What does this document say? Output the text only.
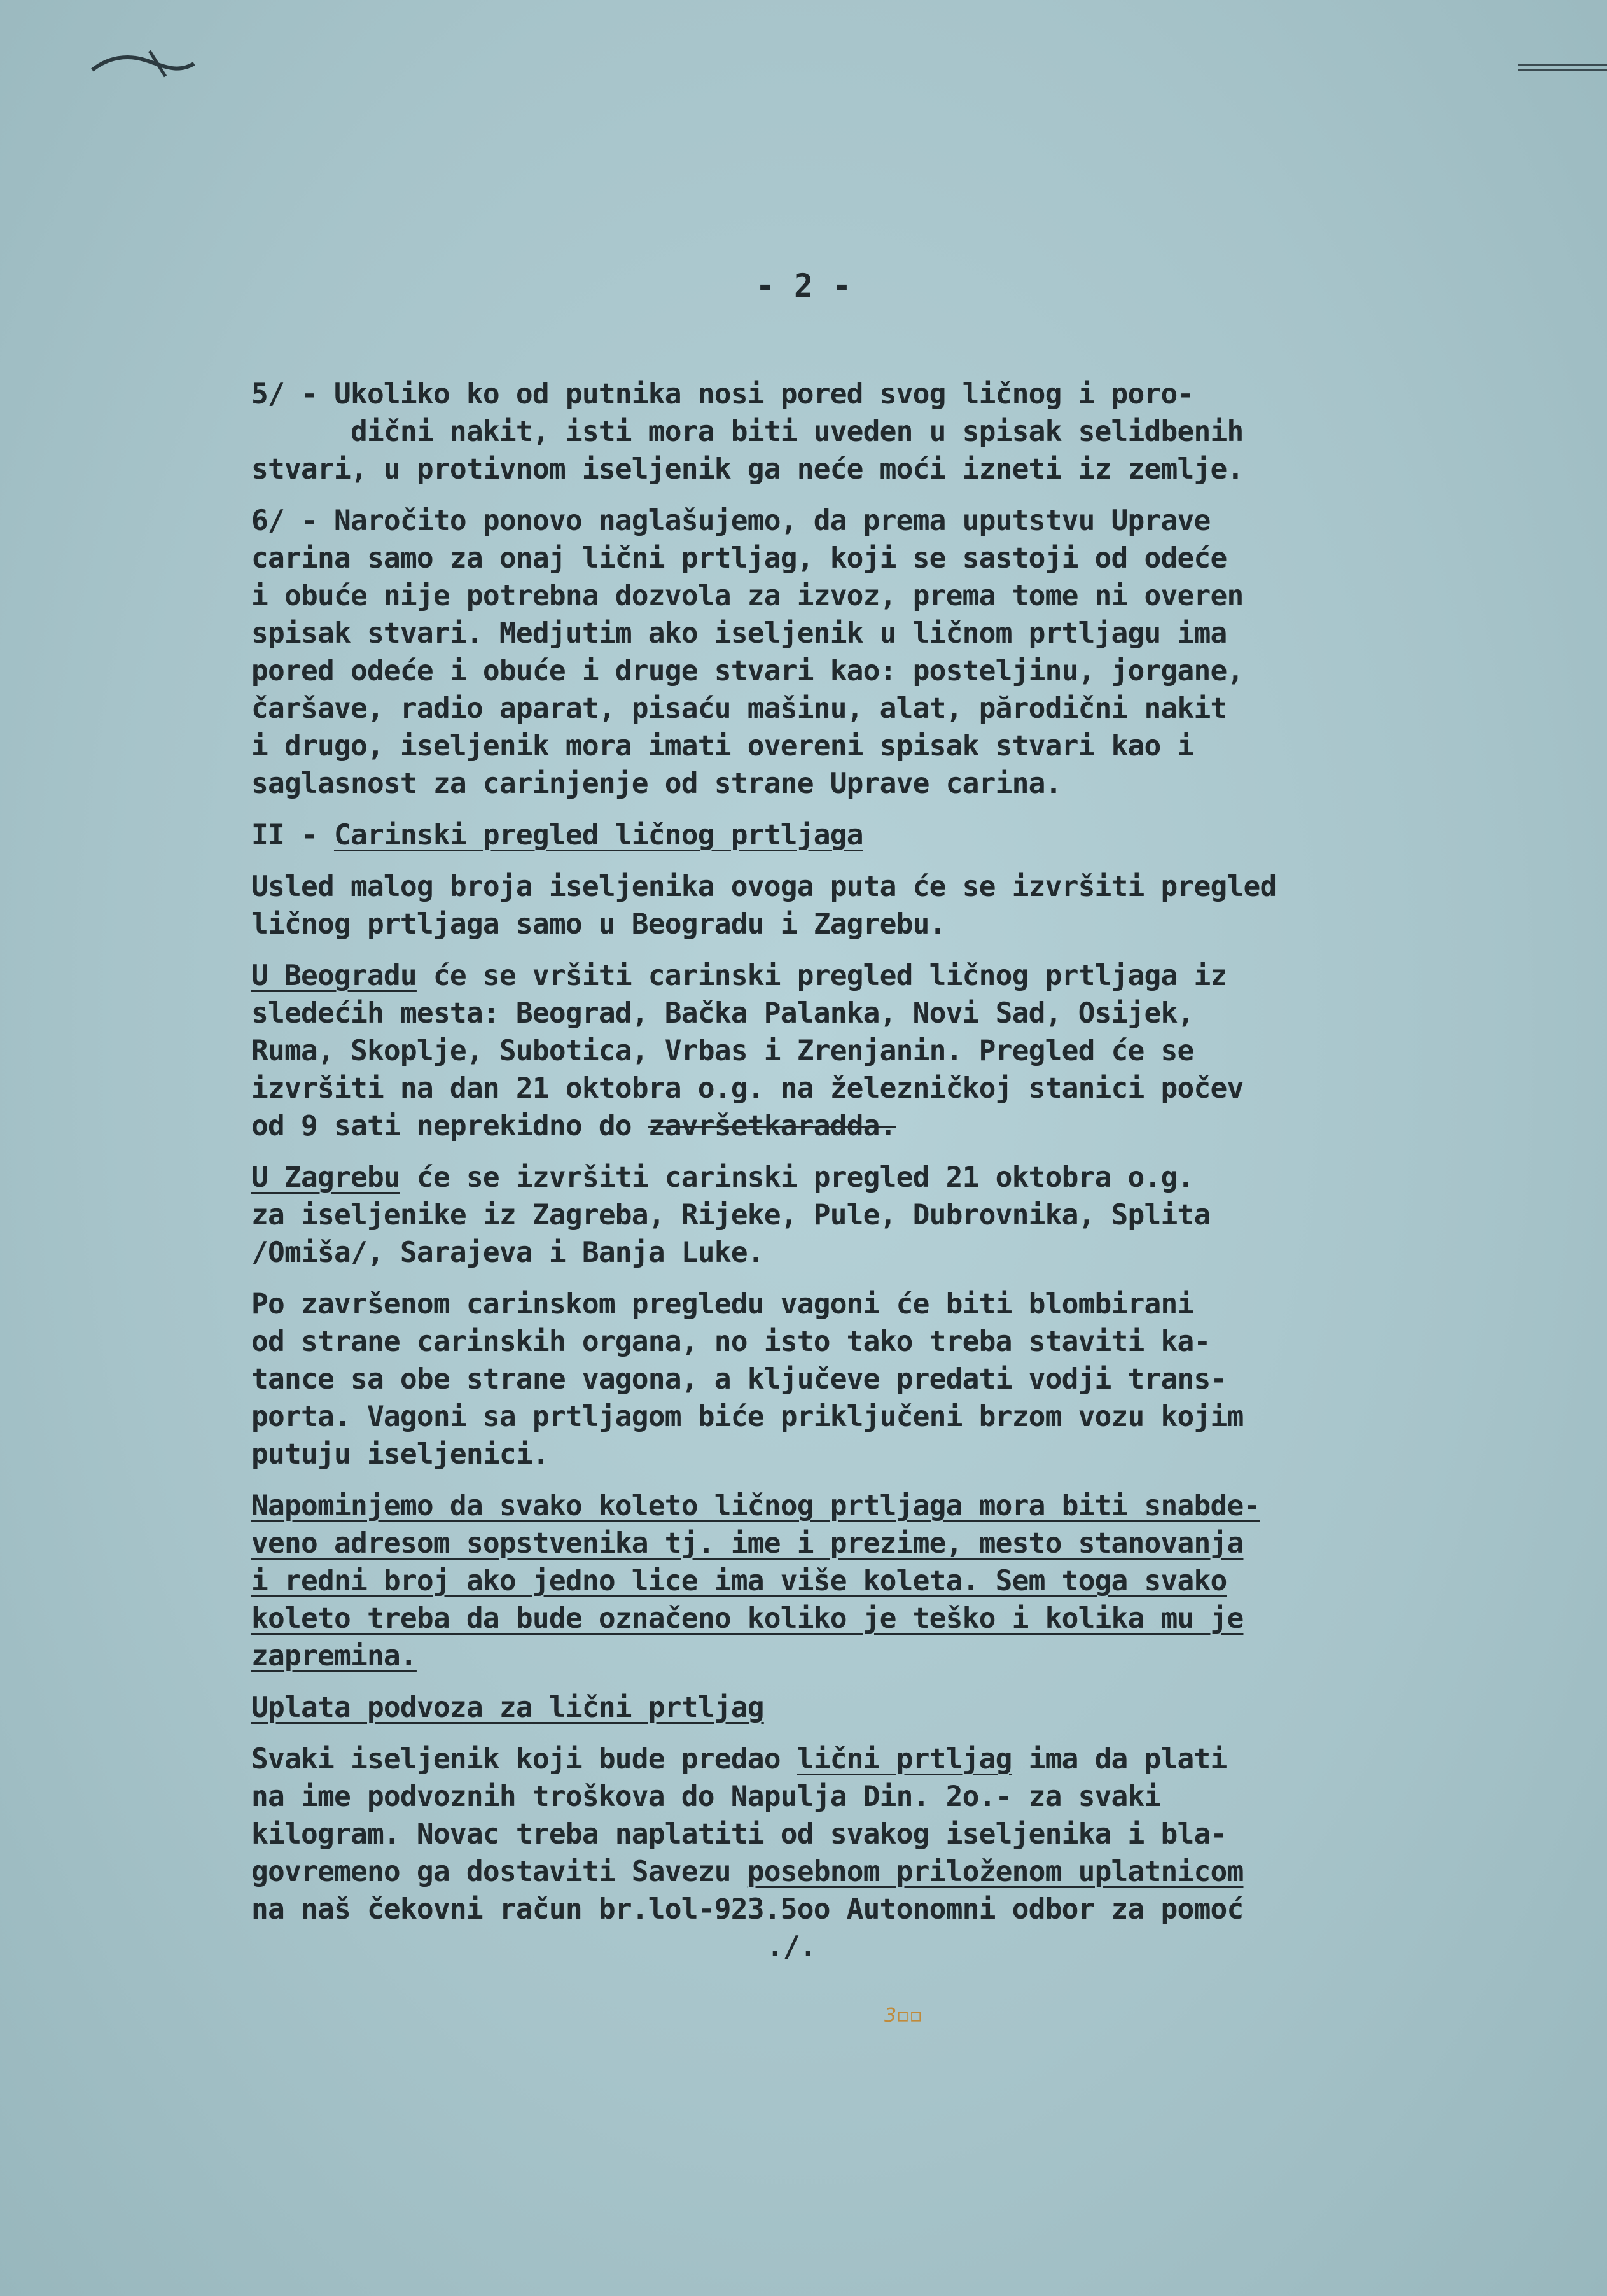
- 2 -
5/ - Ukoliko ko od putnika nosi pored svog ličnog i poro-
dični nakit, isti mora biti uveden u spisak selidbenih
stvari, u protivnom iseljenik ga neće moći izneti iz zemlje.
6/ - Naročito ponovo naglašujemo, da prema uputstvu Uprave
carina samo za onaj lični prtljag, koji se sastoji od odeće
i obuće nije potrebna dozvola za izvoz, prema tome ni overen
spisak stvari. Medjutim ako iseljenik u ličnom prtljagu ima
pored odeće i obuće i druge stvari kao: posteljinu, jorgane,
čaršave, radio aparat, pisaću mašinu, alat, părodični nakit
i drugo, iseljenik mora imati overeni spisak stvari kao i
saglasnost za carinjenje od strane Uprave carina.
II - Carinski pregled ličnog prtljaga
Usled malog broja iseljenika ovoga puta će se izvršiti pregled
ličnog prtljaga samo u Beogradu i Zagrebu.
U Beogradu će se vršiti carinski pregled ličnog prtljaga iz
sledećih mesta: Beograd, Bačka Palanka, Novi Sad, Osijek,
Ruma, Skoplje, Subotica, Vrbas i Zrenjanin. Pregled će se
izvršiti na dan 21 oktobra o.g. na železničkoj stanici počev
od 9 sati neprekidno do završetkaradda.
U Zagrebu će se izvršiti carinski pregled 21 oktobra o.g.
za iseljenike iz Zagreba, Rijeke, Pule, Dubrovnika, Splita
/Omiša/, Sarajeva i Banja Luke.
Po završenom carinskom pregledu vagoni će biti blombirani
od strane carinskih organa, no isto tako treba staviti ka-
tance sa obe strane vagona, a ključeve predati vodji trans-
porta. Vagoni sa prtljagom biće priključeni brzom vozu kojim
putuju iseljenici.
Napominjemo da svako koleto ličnog prtljaga mora biti snabde-
veno adresom sopstvenika tj. ime i prezime, mesto stanovanja
i redni broj ako jedno lice ima više koleta. Sem toga svako
koleto treba da bude označeno koliko je teško i kolika mu je
zapremina.
Uplata podvoza za lični prtljag
Svaki iseljenik koji bude predao lični prtljag ima da plati
na ime podvoznih troškova do Napulja Din. 2o.- za svaki
kilogram. Novac treba naplatiti od svakog iseljenika i bla-
govremeno ga dostaviti Savezu posebnom priloženom uplatnicom
na naš čekovni račun br.lol-923.5oo Autonomni odbor za pomoć
./.
3▫▫
